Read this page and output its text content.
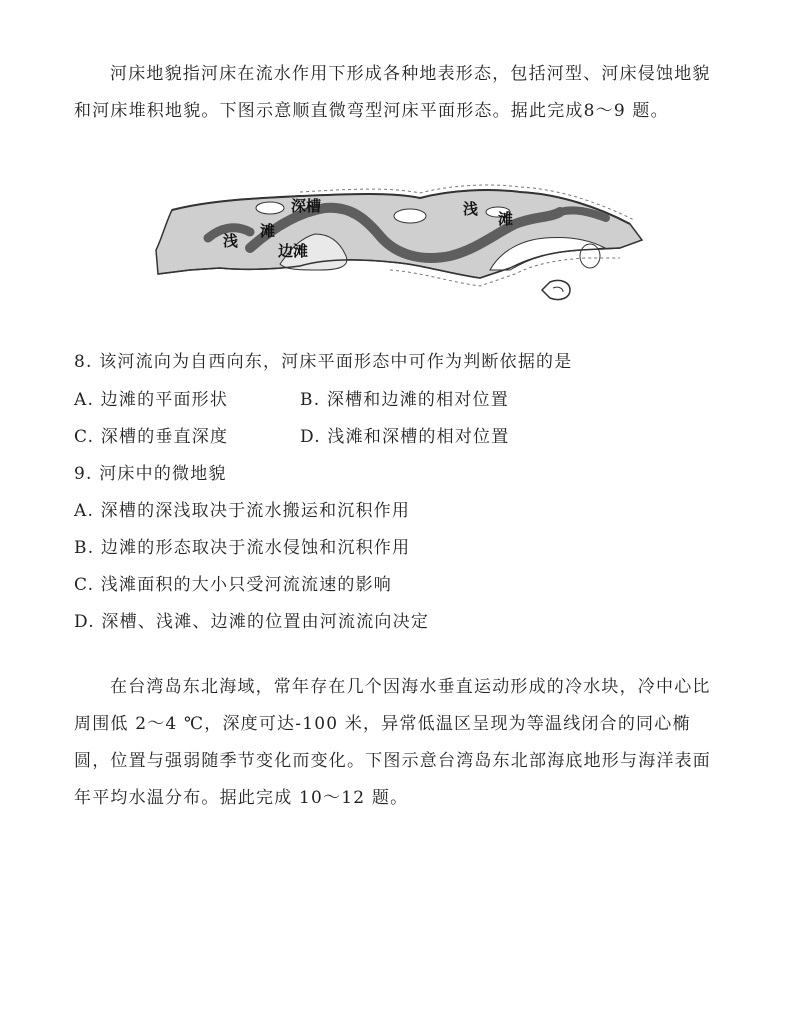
河床地貌指河床在流水作用下形成各种地表形态，包括河型、河床侵蚀地貌和河床堆积地貌。下图示意顺直微弯型河床平面形态。据此完成8～9 题。

深槽
浅
滩
边滩
浅
滩

8. 该河流向为自西向东，河床平面形态中可作为判断依据的是

A. 边滩的平面形状	B. 深槽和边滩的相对位置

C. 深槽的垂直深度	D. 浅滩和深槽的相对位置

9. 河床中的微地貌

A. 深槽的深浅取决于流水搬运和沉积作用

B. 边滩的形态取决于流水侵蚀和沉积作用

C. 浅滩面积的大小只受河流流速的影响

D. 深槽、浅滩、边滩的位置由河流流向决定

在台湾岛东北海域，常年存在几个因海水垂直运动形成的冷水块，冷中心比周围低 2～4 ℃，深度可达-100 米，异常低温区呈现为等温线闭合的同心椭圆，位置与强弱随季节变化而变化。下图示意台湾岛东北部海底地形与海洋表面年平均水温分布。据此完成 10～12 题。
